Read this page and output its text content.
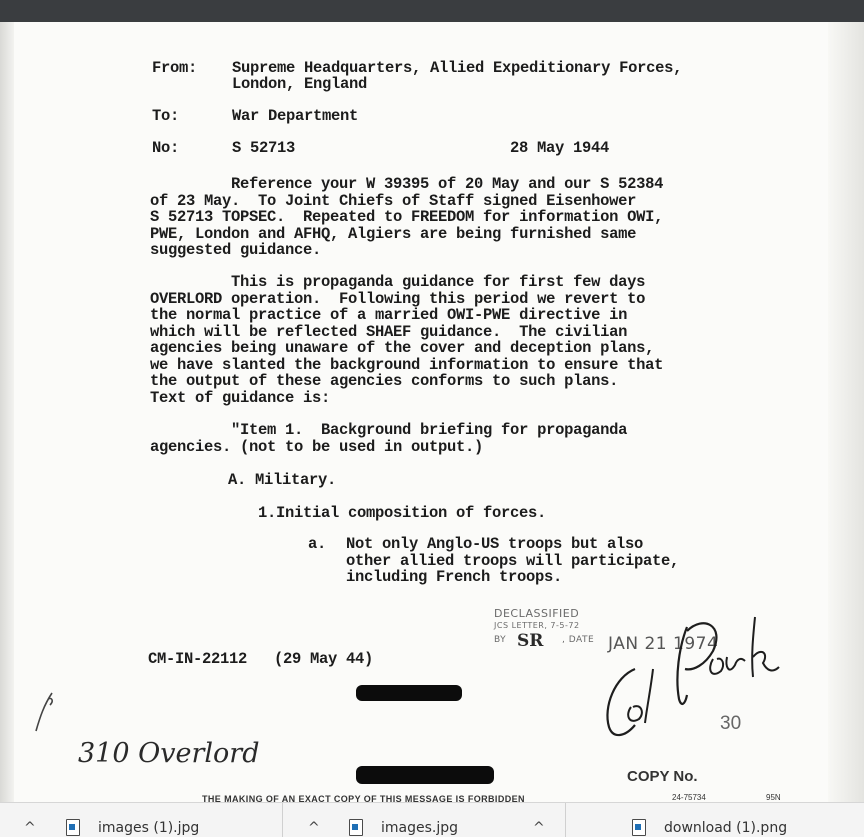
From: Supreme Headquarters, Allied Expeditionary Forces,
London, England
To:	War Department
No:	S 52713	28 May 1944
Reference your W 39395 of 20 May and our S 52384
of 23 May.  To Joint Chiefs of Staff signed Eisenhower
S 52713 TOPSEC.  Repeated to FREEDOM for information OWI,
PWE, London and AFHQ, Algiers are being furnished same
suggested guidance.
This is propaganda guidance for first few days
OVERLORD operation.  Following this period we revert to
the normal practice of a married OWI-PWE directive in
which will be reflected SHAEF guidance.  The civilian
agencies being unaware of the cover and deception plans,
we have slanted the background information to ensure that
the output of these agencies conforms to such plans.
Text of guidance is:
"Item 1.  Background briefing for propaganda
agencies. (not to be used in output.)
A. Military.
1.Initial composition of forces.
a. Not only Anglo-US troops but also
other allied troops will participate,
including French troops.
DECLASSIFIED
JCS LETTER, 7-5-72
BY SR , DATE JAN 21 1974
CM-IN-22112   (29 May 44)
310 Overlord
30
COPY No.
THE MAKING OF AN EXACT COPY OF THIS MESSAGE IS FORBIDDEN	24-75734	95N
^	images (1).jpg	^	images.jpg	^	download (1).png
